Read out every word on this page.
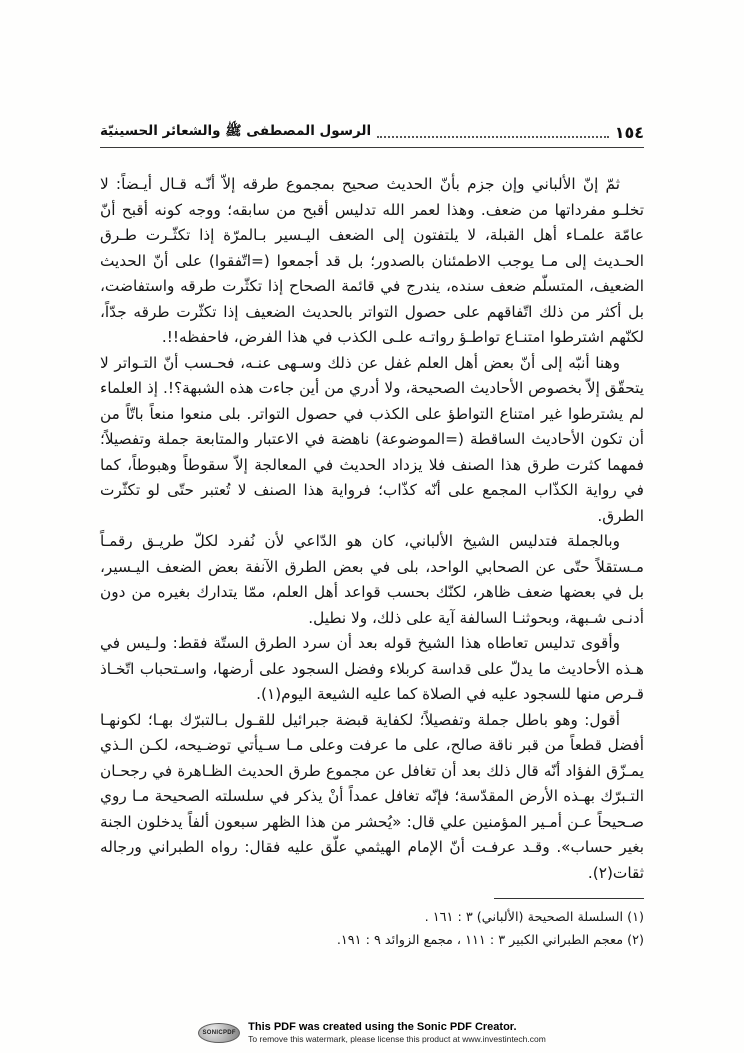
الرسول المصطفى ﷺ والشعائر الحسينيّة	١٥٤

ثمّ إنّ الألباني وإن جزم بأنّ الحديث صحيح بمجموع طرقه إلاّ أنّـه قـال أيـضاً: لا تخلـو مفرداتها من ضعف. وهذا لعمر الله تدليس أقبح من سابقه؛ ووجه كونه أقبح أنّ عامّة علمـاء أهل القبلة، لا يلتفتون إلى الضعف اليـسير بـالمرّة إذا تكثّـرت طـرق الحـديث إلى مـا يوجب الاطمئنان بالصدور؛ بل قد أجمعوا (=اتّفقوا) على أنّ الحديث الضعيف، المتسلّم ضعف سنده، يندرج في قائمة الصحاح إذا تكثّرت طرقه واستفاضت، بل أكثر من ذلك اتّفاقهم على حصول التواتر بالحديث الضعيف إذا تكثّرت طرقه جدّاً، لكنّهم اشترطوا امتنـاع تواطـؤ رواتـه علـى الكذب في هذا الفرض، فاحفظه!!.

وهنا أنبّه إلى أنّ بعض أهل العلم غفل عن ذلك وسـهى عنـه، فحـسب أنّ التـواتر لا يتحقّق إلاّ بخصوص الأحاديث الصحيحة، ولا أدري من أين جاءت هذه الشبهة؟!. إذ العلماء لم يشترطوا غير امتناع التواطؤ على الكذب في حصول التواتر. بلى منعوا منعاً باتّاً من أن تكون الأحاديث الساقطة (=الموضوعة) ناهضة في الاعتبار والمتابعة جملة وتفصيلاً؛ فمهما كثرت طرق هذا الصنف فلا يزداد الحديث في المعالجة إلاّ سقوطاً وهبوطاً، كما في رواية الكذّاب المجمع على أنّه كذّاب؛ فرواية هذا الصنف لا تُعتبر حتّى لو تكثّرت الطرق.

وبالجملة فتدليس الشيخ الألباني، كان هو الدّاعي لأن نُفرد لكلّ طريـق رقمـاً مـستقلاً حتّى عن الصحابي الواحد، بلى في بعض الطرق الآنفة بعض الضعف اليـسير، بل في بعضها ضعف ظاهر، لكنّك بحسب قواعد أهل العلم، ممّا يتدارك بغيره من دون أدنـى شـبهة، وبحوثنـا السالفة آية على ذلك، ولا نطيل.

وأقوى تدليس تعاطاه هذا الشيخ قوله بعد أن سرد الطرق الستّة فقط: ولـيس في هـذه الأحاديث ما يدلّ على قداسة كربلاء وفضل السجود على أرضها، واسـتحباب اتّخـاذ قـرص منها للسجود عليه في الصلاة كما عليه الشيعة اليوم(١).

أقول: وهو باطل جملة وتفصيلاً؛ لكفاية قبضة جبرائيل للقـول بـالتبرّك بهـا؛ لكونهـا أفضل قطعاً من قبر ناقة صالح، على ما عرفت وعلى مـا سـيأتي توضـيحه، لكـن الـذي يمـزّق الفؤاد أنّه قال ذلك بعد أن تغافل عن مجموع طرق الحديث الظـاهرة في رجحـان التـبرّك بهـذه الأرض المقدّسة؛ فإنّه تغافل عمداً أنْ يذكر في سلسلته الصحيحة مـا روي صـحيحاً عـن أمـير المؤمنين علي قال: «يُحشر من هذا الظهر سبعون ألفاً يدخلون الجنة بغير حساب». وقـد عرفـت أنّ الإمام الهيثمي علّق عليه فقال: رواه الطبراني ورجاله ثقات(٢).

(١) السلسلة الصحيحة (الألباني) ٣ : ١٦١ .

(٢) معجم الطبراني الكبير ٣ : ١١١ ، مجمع الزوائد ٩ : ١٩١.

SONICPDF This PDF was created using the Sonic PDF Creator.
To remove this watermark, please license this product at www.investintech.com
